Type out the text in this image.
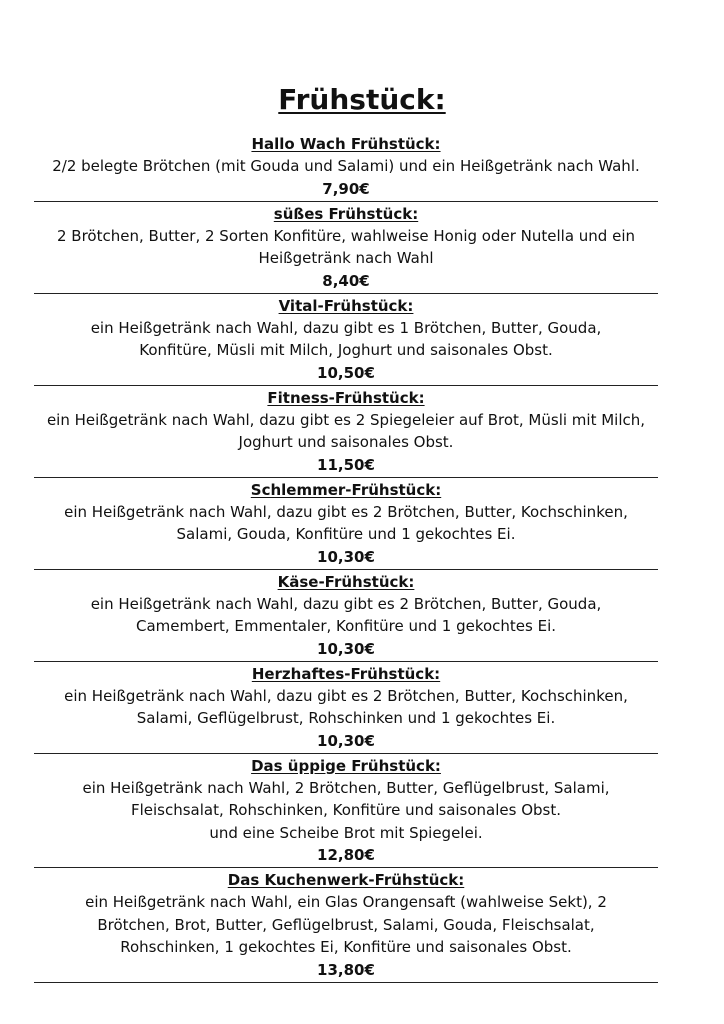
Frühstück:
Hallo Wach Frühstück:
2/2 belegte Brötchen (mit Gouda und Salami) und ein Heißgetränk nach Wahl.
7,90€
süßes Frühstück:
2 Brötchen, Butter, 2 Sorten Konfitüre, wahlweise Honig oder Nutella und ein Heißgetränk nach Wahl
8,40€
Vital-Frühstück:
ein Heißgetränk nach Wahl, dazu gibt es 1 Brötchen, Butter, Gouda, Konfitüre, Müsli mit Milch, Joghurt und saisonales Obst.
10,50€
Fitness-Frühstück:
ein Heißgetränk nach Wahl, dazu gibt es 2 Spiegeleier auf Brot, Müsli mit Milch, Joghurt und saisonales Obst.
11,50€
Schlemmer-Frühstück:
ein Heißgetränk nach Wahl, dazu gibt es 2 Brötchen, Butter, Kochschinken, Salami, Gouda, Konfitüre und 1 gekochtes Ei.
10,30€
Käse-Frühstück:
ein Heißgetränk nach Wahl, dazu gibt es 2 Brötchen, Butter, Gouda, Camembert, Emmentaler, Konfitüre und 1 gekochtes Ei.
10,30€
Herzhaftes-Frühstück:
ein Heißgetränk nach Wahl, dazu gibt es 2 Brötchen, Butter, Kochschinken, Salami, Geflügelbrust, Rohschinken und 1 gekochtes Ei.
10,30€
Das üppige Frühstück:
ein Heißgetränk nach Wahl, 2 Brötchen, Butter, Geflügelbrust, Salami, Fleischsalat, Rohschinken, Konfitüre und saisonales Obst.
und eine Scheibe Brot mit Spiegelei.
12,80€
Das Kuchenwerk-Frühstück:
ein Heißgetränk nach Wahl, ein Glas Orangensaft (wahlweise Sekt), 2 Brötchen, Brot, Butter, Geflügelbrust, Salami, Gouda, Fleischsalat, Rohschinken, 1 gekochtes Ei, Konfitüre und saisonales Obst.
13,80€
